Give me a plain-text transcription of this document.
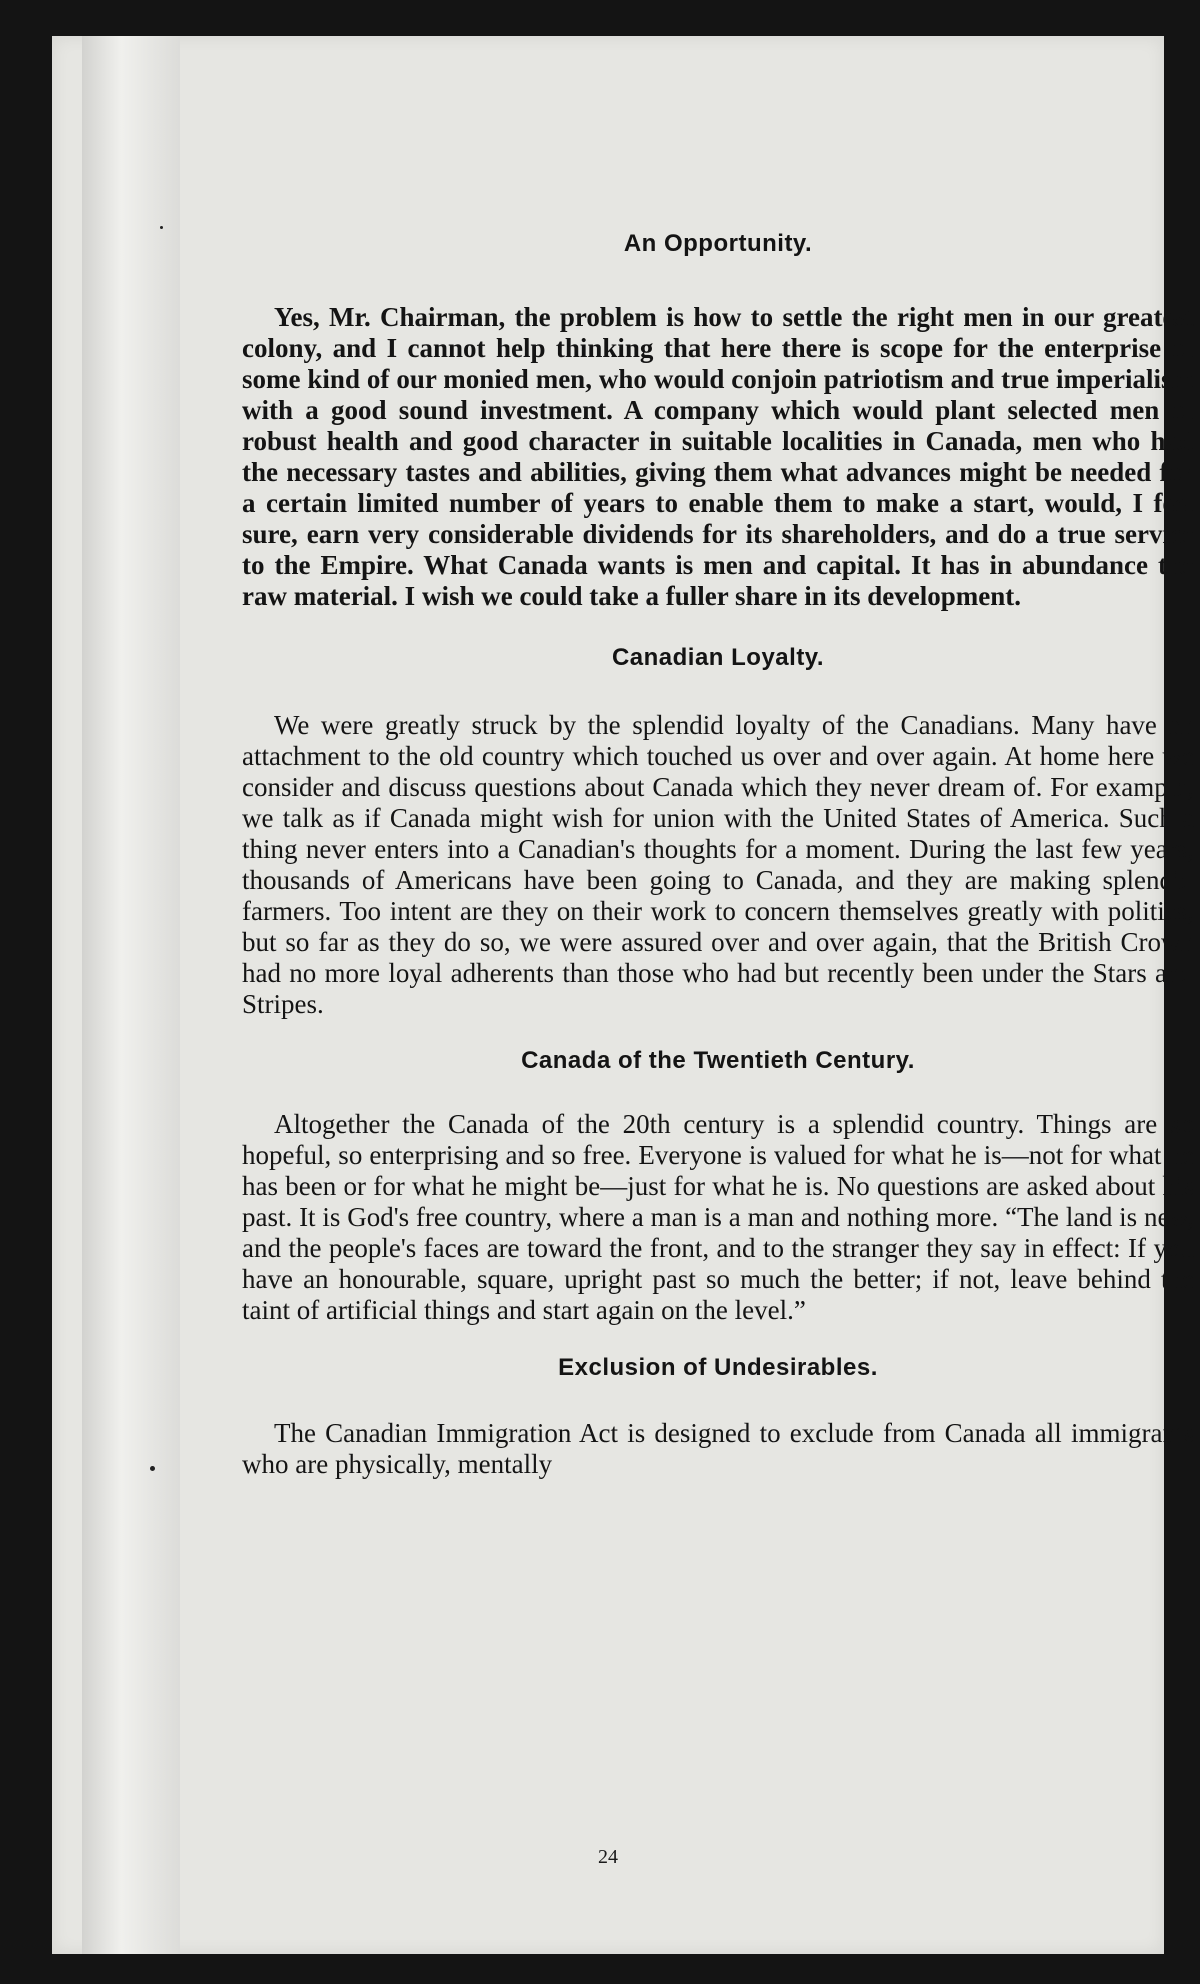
An Opportunity.

Yes, Mr. Chairman, the problem is how to settle the right men in our greatest colony, and I cannot help thinking that here there is scope for the enterprise of some kind of our monied men, who would conjoin patriotism and true imperialism with a good sound investment. A company which would plant selected men of robust health and good character in suitable localities in Canada, men who had the necessary tastes and abilities, giving them what advances might be needed for a certain limited number of years to enable them to make a start, would, I feel sure, earn very considerable dividends for its shareholders, and do a true service to the Empire. What Canada wants is men and capital. It has in abundance the raw material. I wish we could take a fuller share in its development.

Canadian Loyalty.

We were greatly struck by the splendid loyalty of the Canadians. Many have an attachment to the old country which touched us over and over again. At home here we consider and discuss questions about Canada which they never dream of. For example, we talk as if Canada might wish for union with the United States of America. Such a thing never enters into a Canadian's thoughts for a moment. During the last few years, thousands of Americans have been going to Canada, and they are making splendid farmers. Too intent are they on their work to concern themselves greatly with politics, but so far as they do so, we were assured over and over again, that the British Crown had no more loyal adherents than those who had but recently been under the Stars and Stripes.

Canada of the Twentieth Century.

Altogether the Canada of the 20th century is a splendid country. Things are so hopeful, so enterprising and so free. Everyone is valued for what he is—not for what he has been or for what he might be—just for what he is. No questions are asked about his past. It is God's free country, where a man is a man and nothing more. “The land is new, and the people's faces are toward the front, and to the stranger they say in effect: If you have an honourable, square, upright past so much the better; if not, leave behind the taint of artificial things and start again on the level.”

Exclusion of Undesirables.

The Canadian Immigration Act is designed to exclude from Canada all immigrants who are physically, mentally

24
